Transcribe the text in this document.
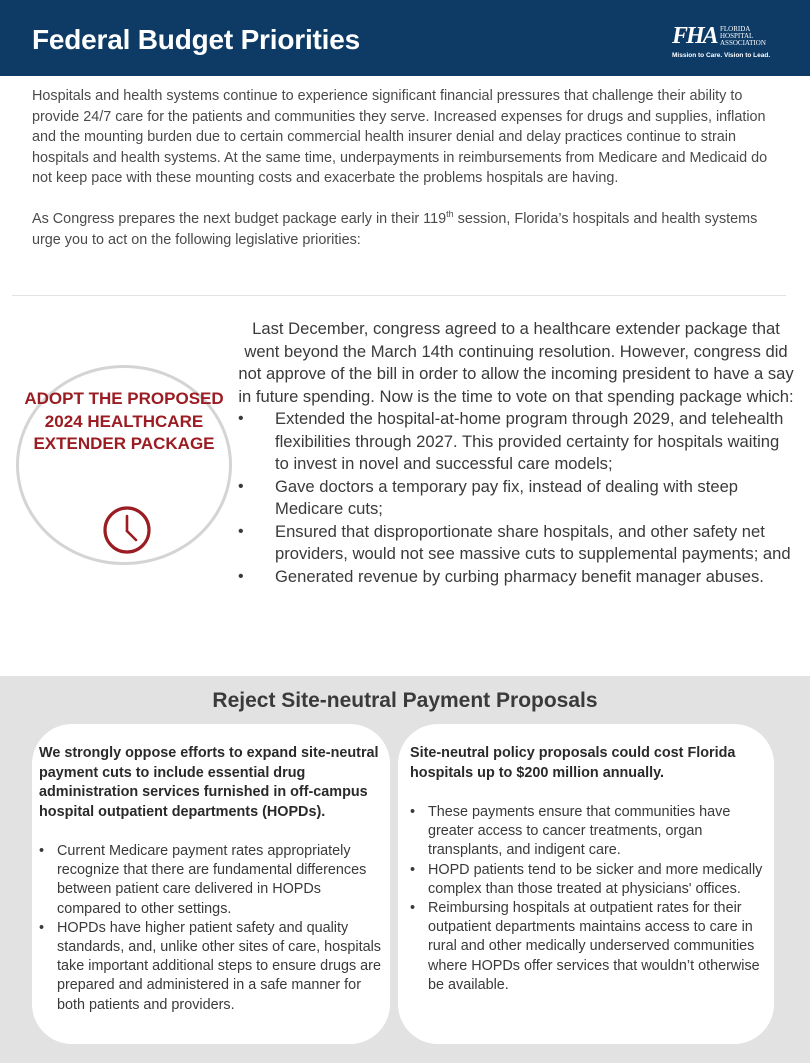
Federal Budget Priorities	FHA FLORIDA
HOSPITAL
ASSOCIATION
Mission to Care. Vision to Lead.

Hospitals and health systems continue to experience significant financial pressures that challenge their ability to provide 24/7 care for the patients and communities they serve. Increased expenses for drugs and supplies, inflation and the mounting burden due to certain commercial health insurer denial and delay practices continue to strain hospitals and health systems. At the same time, underpayments in reimbursements from Medicare and Medicaid do not keep pace with these mounting costs and exacerbate the problems hospitals are having.

As Congress prepares the next budget package early in their 119th session, Florida’s hospitals and health systems urge you to act on the following legislative priorities:

ADOPT THE PROPOSED 2024 HEALTHCARE EXTENDER PACKAGE
Last December, congress agreed to a healthcare extender package that went beyond the March 14th continuing resolution. However, congress did not approve of the bill in order to allow the incoming president to have a say in future spending. Now is the time to vote on that spending package which:
• Extended the hospital-at-home program through 2029, and telehealth flexibilities through 2027. This provided certainty for hospitals waiting to invest in novel and successful care models;
• Gave doctors a temporary pay fix, instead of dealing with steep Medicare cuts;
• Ensured that disproportionate share hospitals, and other safety net providers, would not see massive cuts to supplemental payments; and
• Generated revenue by curbing pharmacy benefit manager abuses.
Reject Site-neutral Payment Proposals
We strongly oppose efforts to expand site-neutral payment cuts to include essential drug administration services furnished in off-campus hospital outpatient departments (HOPDs).
• Current Medicare payment rates appropriately recognize that there are fundamental differences between patient care delivered in HOPDs compared to other settings.
• HOPDs have higher patient safety and quality standards, and, unlike other sites of care, hospitals take important additional steps to ensure drugs are prepared and administered in a safe manner for both patients and providers.
Site-neutral policy proposals could cost Florida hospitals up to $200 million annually.
• These payments ensure that communities have greater access to cancer treatments, organ transplants, and indigent care.
• HOPD patients tend to be sicker and more medically complex than those treated at physicians' offices.
• Reimbursing hospitals at outpatient rates for their outpatient departments maintains access to care in rural and other medically underserved communities where HOPDs offer services that wouldn’t otherwise be available.
